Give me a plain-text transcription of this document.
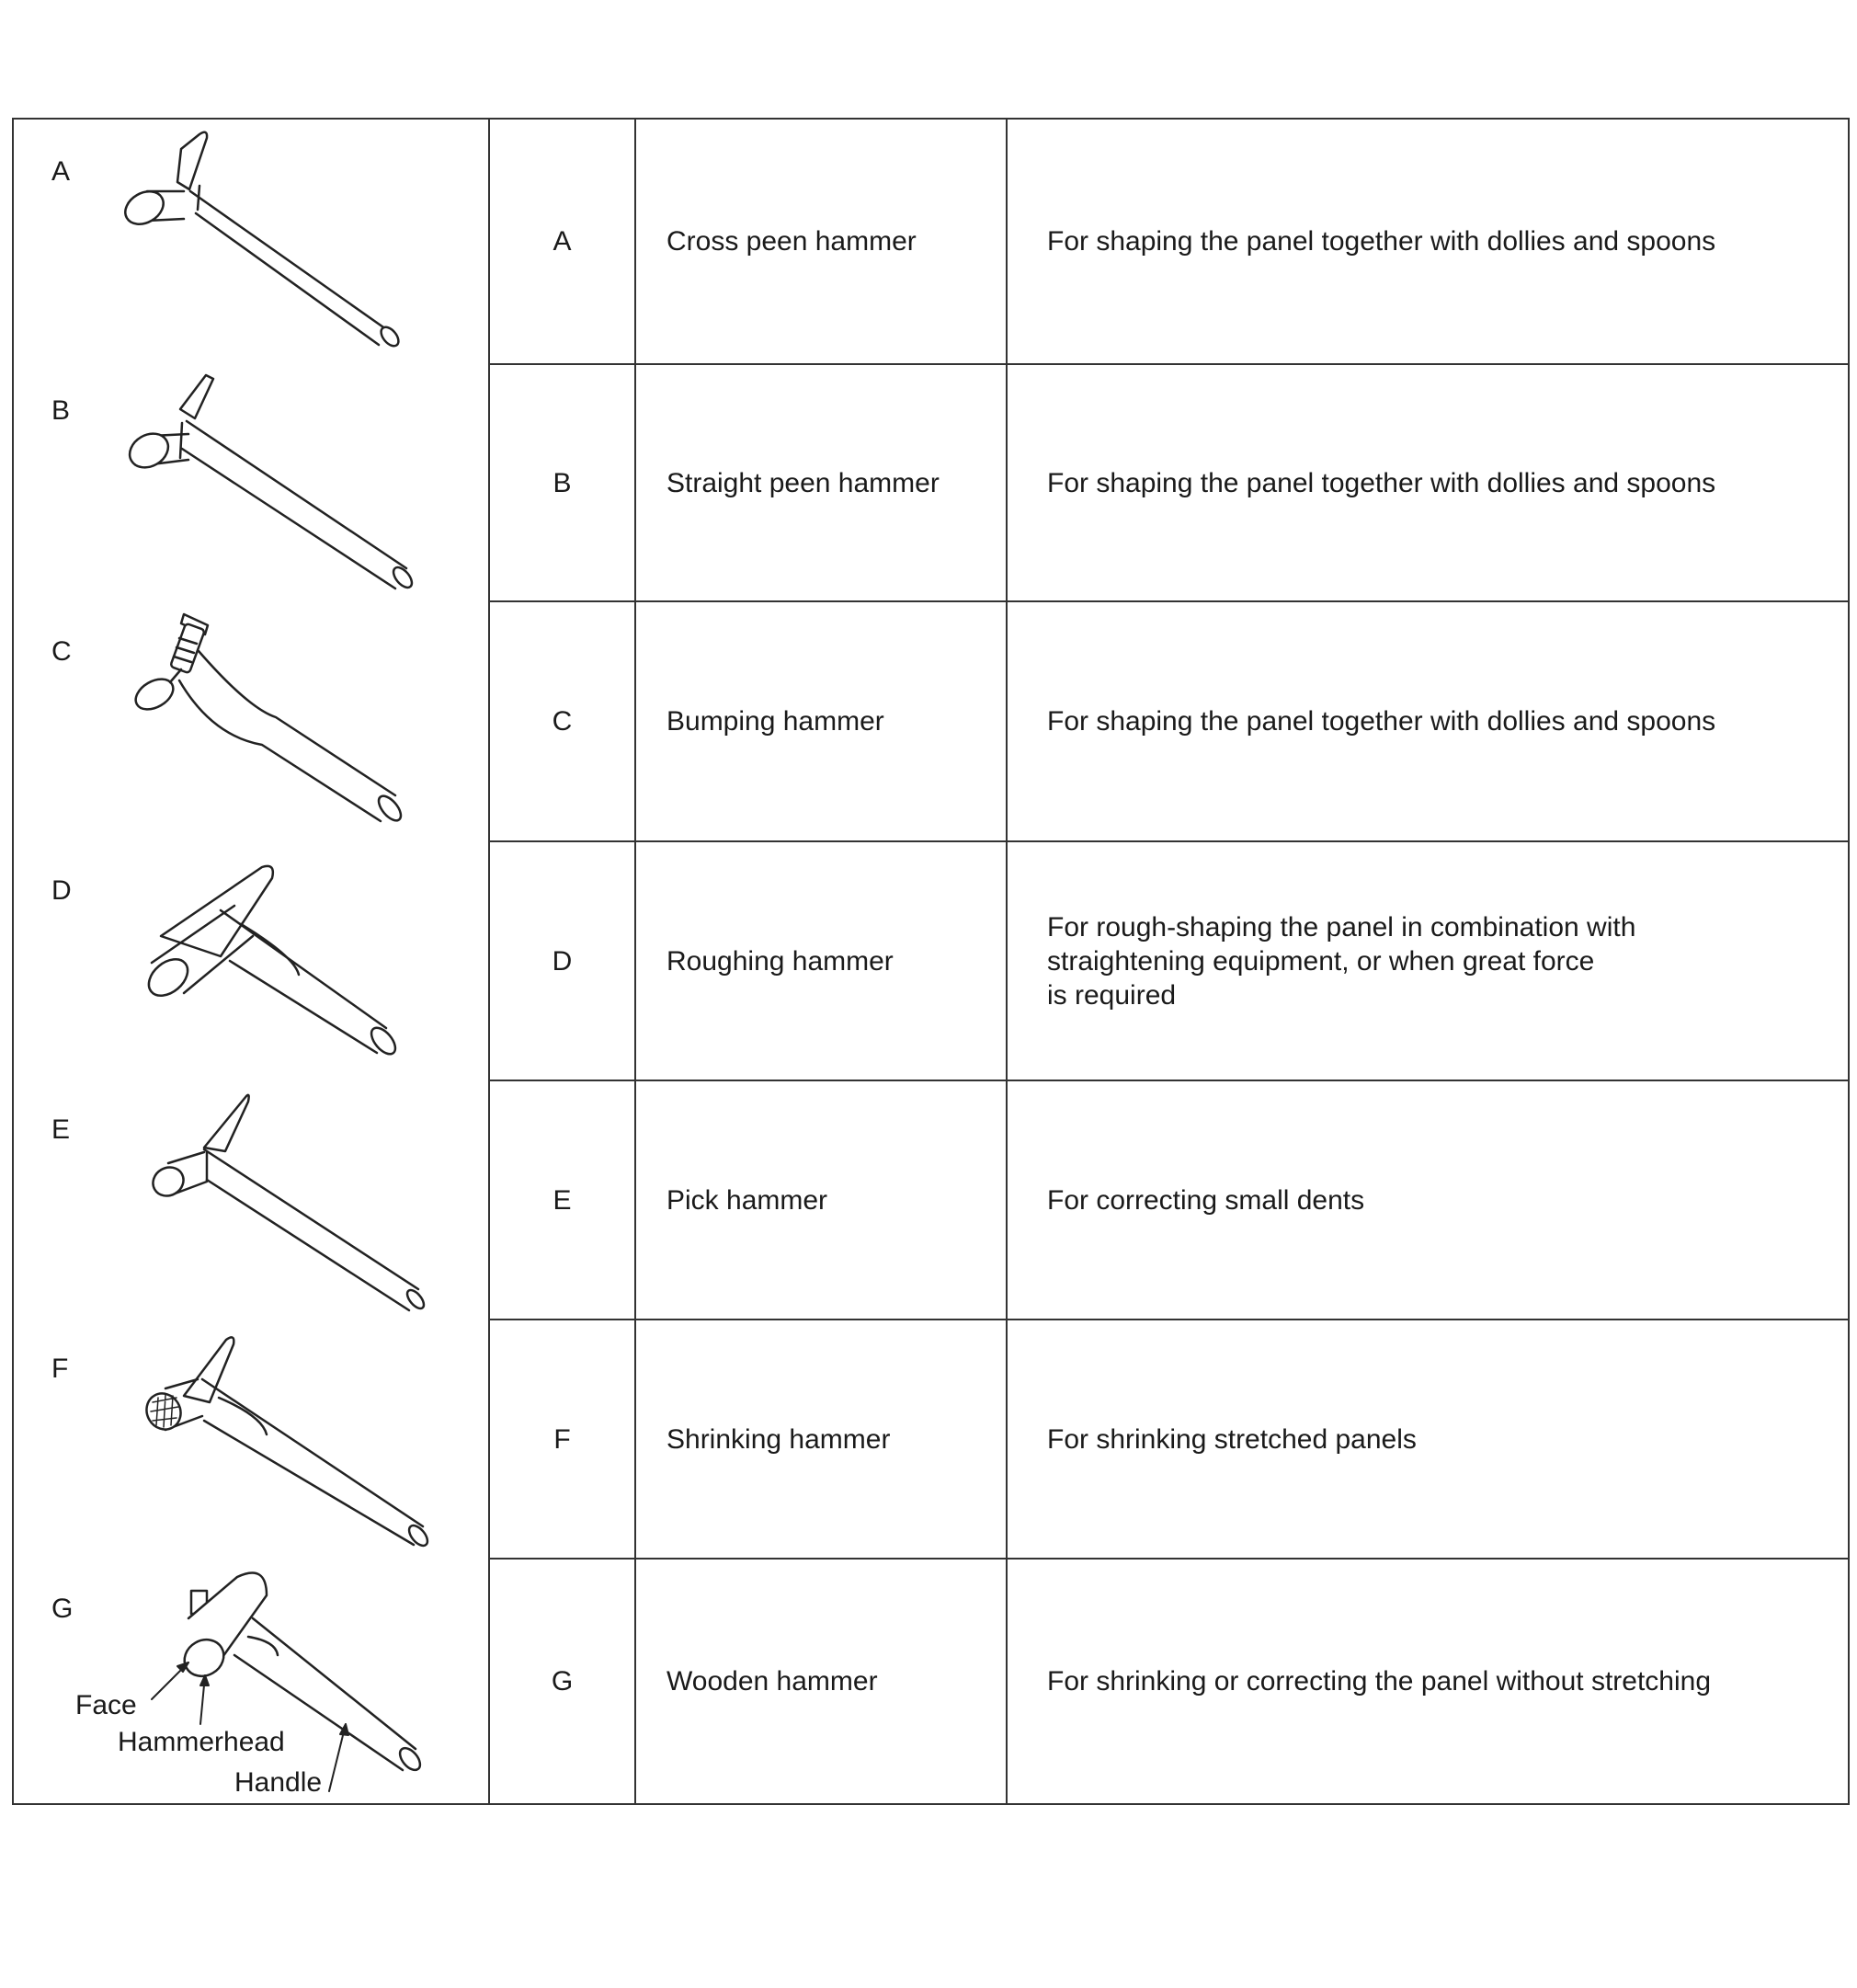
A	Cross peen hammer	For shaping the panel together with dollies and spoons
B	Straight peen hammer	For shaping the panel together with dollies and spoons
C	Bumping hammer	For shaping the panel together with dollies and spoons
D	Roughing hammer
For rough-shaping the panel in combination with
straightening equipment, or when great force
is required
E	Pick hammer	For correcting small dents
F	Shrinking hammer	For shrinking stretched panels
G	Wooden hammer	For shrinking or correcting the panel without stretching
A
B
C
D
E
F
G
Face
Hammerhead
Handle
